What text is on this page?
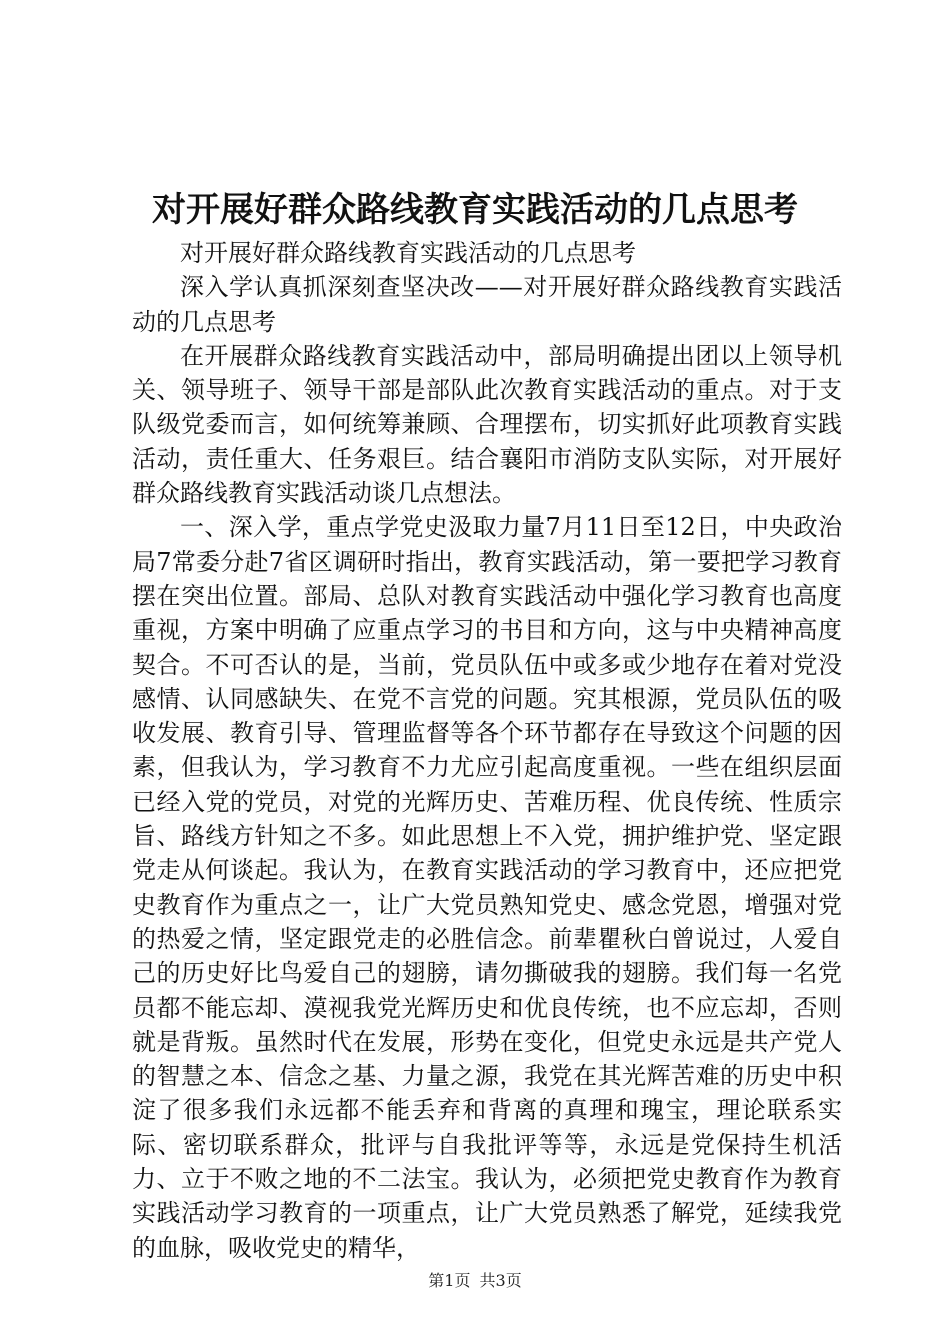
对开展好群众路线教育实践活动的几点思考

对开展好群众路线教育实践活动的几点思考

深入学认真抓深刻查坚决改——对开展好群众路线教育实践活动的几点思考

在开展群众路线教育实践活动中，部局明确提出团以上领导机关、领导班子、领导干部是部队此次教育实践活动的重点。对于支队级党委而言，如何统筹兼顾、合理摆布，切实抓好此项教育实践活动，责任重大、任务艰巨。结合襄阳市消防支队实际，对开展好群众路线教育实践活动谈几点想法。

一、深入学，重点学党史汲取力量7月11日至12日，中央政治局7常委分赴7省区调研时指出，教育实践活动，第一要把学习教育摆在突出位置。部局、总队对教育实践活动中强化学习教育也高度重视，方案中明确了应重点学习的书目和方向，这与中央精神高度契合。不可否认的是，当前，党员队伍中或多或少地存在着对党没感情、认同感缺失、在党不言党的问题。究其根源，党员队伍的吸收发展、教育引导、管理监督等各个环节都存在导致这个问题的因素，但我认为，学习教育不力尤应引起高度重视。一些在组织层面已经入党的党员，对党的光辉历史、苦难历程、优良传统、性质宗旨、路线方针知之不多。如此思想上不入党，拥护维护党、坚定跟党走从何谈起。我认为，在教育实践活动的学习教育中，还应把党史教育作为重点之一，让广大党员熟知党史、感念党恩，增强对党的热爱之情，坚定跟党走的必胜信念。前辈瞿秋白曾说过，人爱自己的历史好比鸟爱自己的翅膀，请勿撕破我的翅膀。我们每一名党员都不能忘却、漠视我党光辉历史和优良传统，也不应忘却，否则就是背叛。虽然时代在发展，形势在变化，但党史永远是共产党人的智慧之本、信念之基、力量之源，我党在其光辉苦难的历史中积淀了很多我们永远都不能丢弃和背离的真理和瑰宝，理论联系实际、密切联系群众，批评与自我批评等等，永远是党保持生机活力、立于不败之地的不二法宝。我认为，必须把党史教育作为教育实践活动学习教育的一项重点，让广大党员熟悉了解党，延续我党的血脉，吸收党史的精华，

第1页 共3页
